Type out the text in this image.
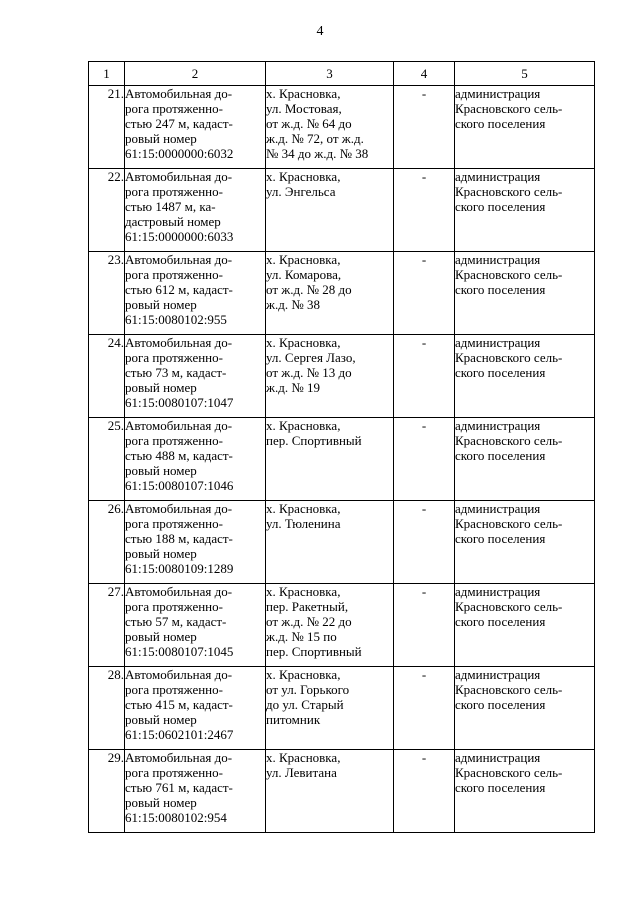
4
1	2	3	4	5
21.	Автомобильная до-
рога протяженно-
стью 247 м, кадаст-
ровый номер
61:15:0000000:6032	х. Красновка,
ул. Мостовая,
от ж.д. № 64 до
ж.д. № 72, от ж.д.
№ 34 до ж.д. № 38	-	администрация
Красновского сель-
ского поселения
22.	Автомобильная до-
рога протяженно-
стью 1487 м, ка-
дастровый номер
61:15:0000000:6033	х. Красновка,
ул. Энгельса	-	администрация
Красновского сель-
ского поселения
23.	Автомобильная до-
рога протяженно-
стью 612 м, кадаст-
ровый номер
61:15:0080102:955	х. Красновка,
ул. Комарова,
от ж.д. № 28 до
ж.д. № 38	-	администрация
Красновского сель-
ского поселения
24.	Автомобильная до-
рога протяженно-
стью 73 м, кадаст-
ровый номер
61:15:0080107:1047	х. Красновка,
ул. Сергея Лазо,
от ж.д. № 13 до
ж.д. № 19	-	администрация
Красновского сель-
ского поселения
25.	Автомобильная до-
рога протяженно-
стью 488 м, кадаст-
ровый номер
61:15:0080107:1046	х. Красновка,
пер. Спортивный	-	администрация
Красновского сель-
ского поселения
26.	Автомобильная до-
рога протяженно-
стью 188 м, кадаст-
ровый номер
61:15:0080109:1289	х. Красновка,
ул. Тюленина	-	администрация
Красновского сель-
ского поселения
27.	Автомобильная до-
рога протяженно-
стью 57 м, кадаст-
ровый номер
61:15:0080107:1045	х. Красновка,
пер. Ракетный,
от ж.д. № 22 до
ж.д. № 15 по
пер. Спортивный	-	администрация
Красновского сель-
ского поселения
28.	Автомобильная до-
рога протяженно-
стью 415 м, кадаст-
ровый номер
61:15:0602101:2467	х. Красновка,
от ул. Горького
до ул. Старый
питомник	-	администрация
Красновского сель-
ского поселения
29.	Автомобильная до-
рога протяженно-
стью 761 м, кадаст-
ровый номер
61:15:0080102:954	х. Красновка,
ул. Левитана	-	администрация
Красновского сель-
ского поселения
